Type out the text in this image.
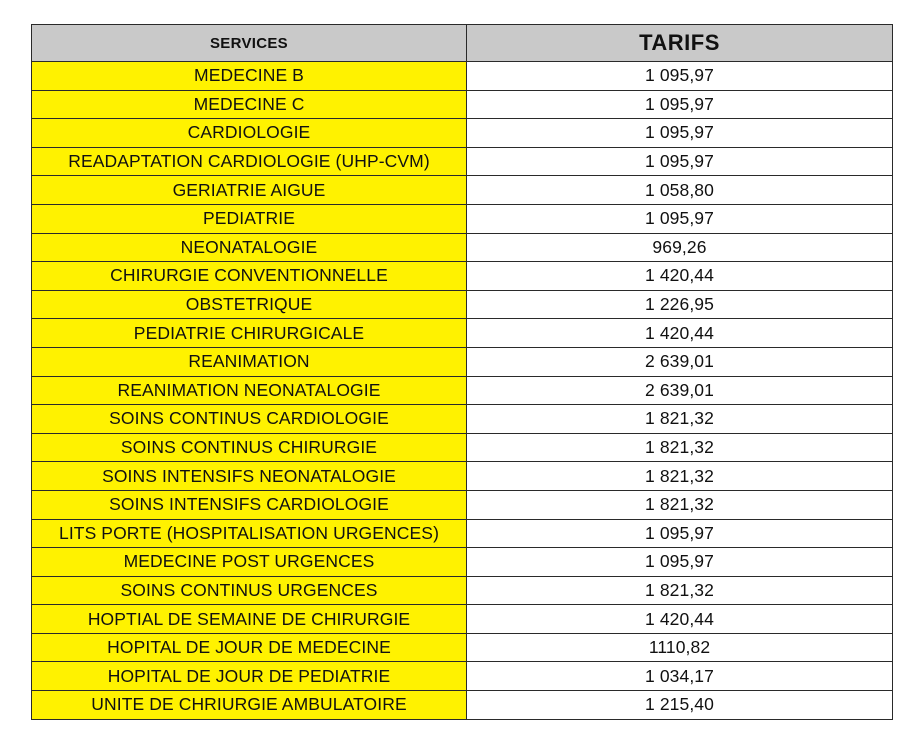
SERVICES	TARIFS
MEDECINE B	1 095,97
MEDECINE C	1 095,97
CARDIOLOGIE	1 095,97
READAPTATION CARDIOLOGIE (UHP-CVM)	1 095,97
GERIATRIE AIGUE	1 058,80
PEDIATRIE	1 095,97
NEONATALOGIE	969,26
CHIRURGIE CONVENTIONNELLE	1 420,44
OBSTETRIQUE	1 226,95
PEDIATRIE CHIRURGICALE	1 420,44
REANIMATION	2 639,01
REANIMATION NEONATALOGIE	2 639,01
SOINS CONTINUS CARDIOLOGIE	1 821,32
SOINS CONTINUS CHIRURGIE	1 821,32
SOINS INTENSIFS NEONATALOGIE	1 821,32
SOINS INTENSIFS CARDIOLOGIE	1 821,32
LITS PORTE (HOSPITALISATION URGENCES)	1 095,97
MEDECINE POST URGENCES	1 095,97
SOINS CONTINUS URGENCES	1 821,32
HOPTIAL DE SEMAINE DE CHIRURGIE	1 420,44
HOPITAL DE JOUR DE MEDECINE	1110,82
HOPITAL DE JOUR DE PEDIATRIE	1 034,17
UNITE DE CHRIURGIE AMBULATOIRE	1 215,40
